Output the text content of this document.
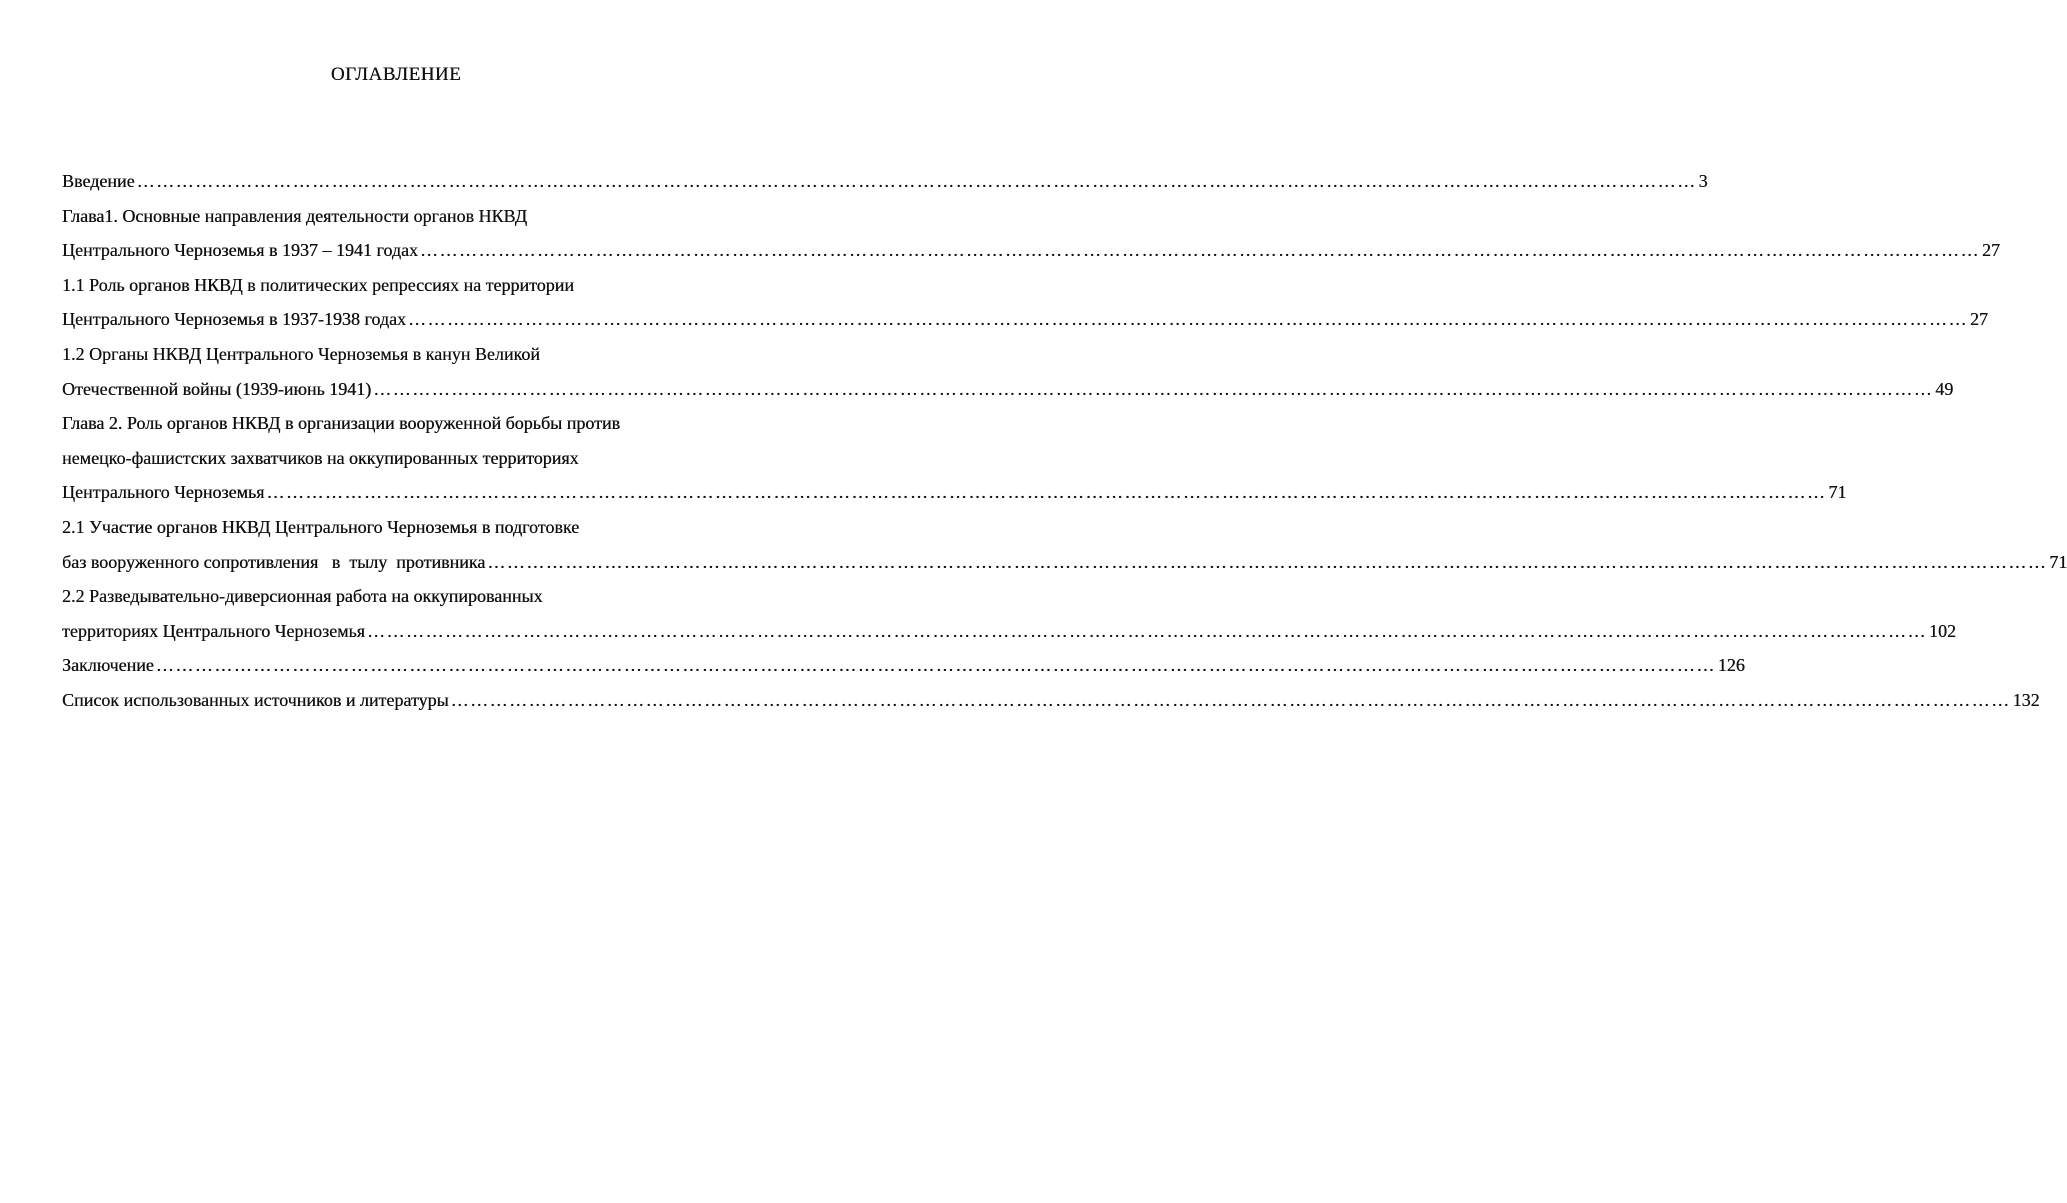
ОГЛАВЛЕНИЕ
Введение …………………………………………………………………………………………………………………………………………………………………………………………………………………… 3
Глава1. Основные направления деятельности органов НКВД
Центрального Черноземья в 1937 – 1941 годах …………………………………………………………………………………………………………………………………………………………………………………………………………………… 27
1.1 Роль органов НКВД в политических репрессиях на территории
Центрального Черноземья в 1937-1938 годах …………………………………………………………………………………………………………………………………………………………………………………………………………………… 27
1.2 Органы НКВД Центрального Черноземья в канун Великой
Отечественной войны (1939-июнь 1941) …………………………………………………………………………………………………………………………………………………………………………………………………………………… 49
Глава 2. Роль органов НКВД в организации вооруженной борьбы против
немецко-фашистских захватчиков на оккупированных территориях
Центрального Черноземья …………………………………………………………………………………………………………………………………………………………………………………………………………………… 71
2.1 Участие органов НКВД Центрального Черноземья в подготовке
баз вооруженного сопротивления   в  тылу  противника …………………………………………………………………………………………………………………………………………………………………………………………………………………… 71
2.2 Разведывательно-диверсионная работа на оккупированных
территориях Центрального Черноземья …………………………………………………………………………………………………………………………………………………………………………………………………………………… 102
Заключение …………………………………………………………………………………………………………………………………………………………………………………………………………………… 126
Список использованных источников и литературы …………………………………………………………………………………………………………………………………………………………………………………………………………………… 132
